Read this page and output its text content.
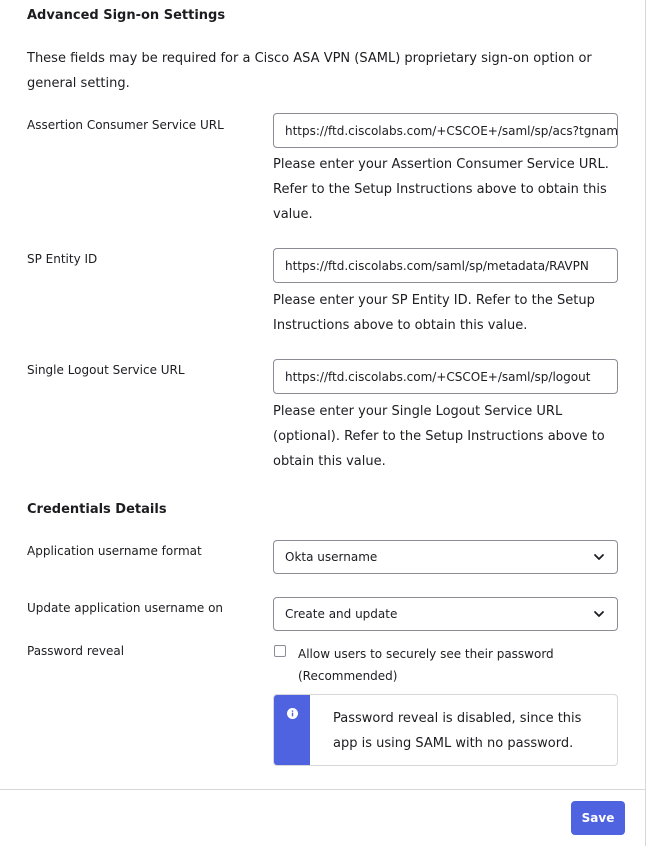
Advanced Sign-on Settings
These fields may be required for a Cisco ASA VPN (SAML) proprietary sign-on option or general setting.
Assertion Consumer Service URL
https://ftd.ciscolabs.com/+CSCOE+/saml/sp/acs?tgname=
Please enter your Assertion Consumer Service URL. Refer to the Setup Instructions above to obtain this value.
SP Entity ID
https://ftd.ciscolabs.com/saml/sp/metadata/RAVPN
Please enter your SP Entity ID. Refer to the Setup Instructions above to obtain this value.
Single Logout Service URL
https://ftd.ciscolabs.com/+CSCOE+/saml/sp/logout
Please enter your Single Logout Service URL (optional). Refer to the Setup Instructions above to obtain this value.
Credentials Details
Application username format	Okta username
Update application username on	Create and update
Password reveal	Allow users to securely see their password (Recommended)
Password reveal is disabled, since this app is using SAML with no password.
Save
